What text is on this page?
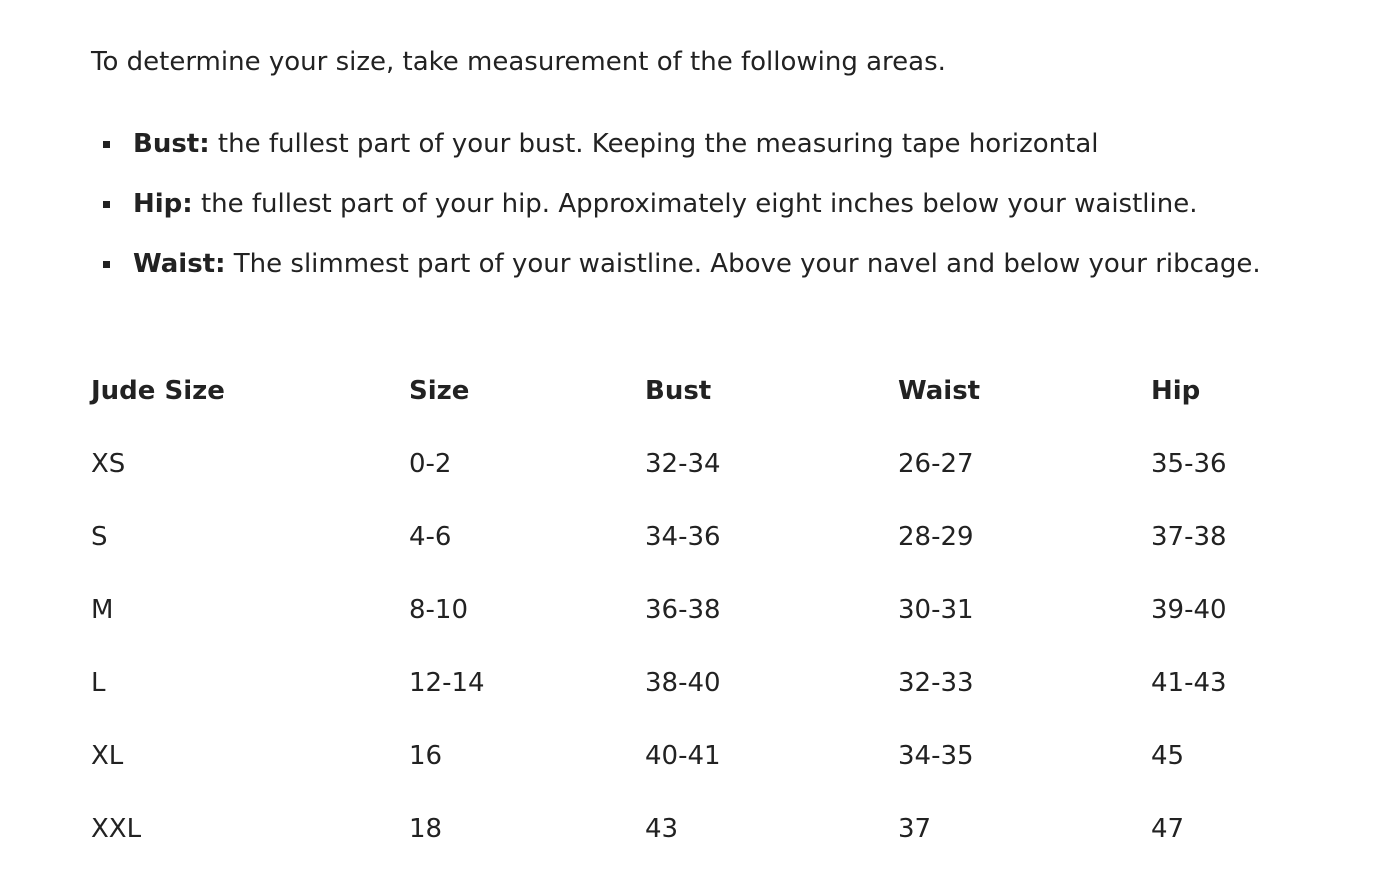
To determine your size, take measurement of the following areas.

Bust: the fullest part of your bust. Keeping the measuring tape horizontal
Hip: the fullest part of your hip. Approximately eight inches below your waistline.
Waist: The slimmest part of your waistline. Above your navel and below your ribcage.
Jude Size	Size	Bust	Waist	Hip
XS	0-2	32-34	26-27	35-36
S	4-6	34-36	28-29	37-38
M	8-10	36-38	30-31	39-40
L	12-14	38-40	32-33	41-43
XL	16	40-41	34-35	45
XXL	18	43	37	47
